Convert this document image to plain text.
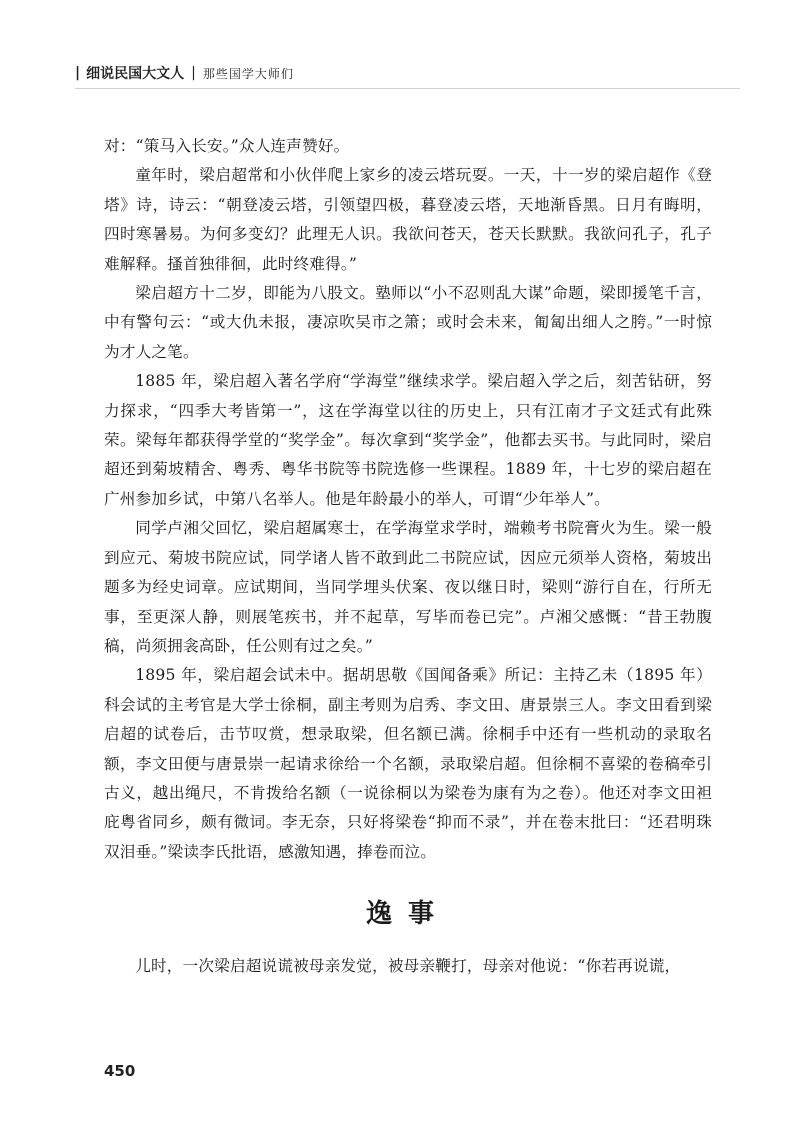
| 细说民国大文人 | 那些国学大师们

对：“策马入长安。”众人连声赞好。

童年时，梁启超常和小伙伴爬上家乡的凌云塔玩耍。一天，十一岁的梁启超作《登塔》诗，诗云：“朝登凌云塔，引领望四极，暮登凌云塔，天地渐昏黑。日月有晦明，四时寒暑易。为何多变幻？此理无人识。我欲问苍天，苍天长默默。我欲问孔子，孔子难解释。搔首独徘徊，此时终难得。”

梁启超方十二岁，即能为八股文。塾师以“小不忍则乱大谋”命题，梁即援笔千言，中有警句云：“或大仇未报，凄凉吹吴市之箫；或时会未来，匍匐出细人之胯。”一时惊为才人之笔。

1885 年，梁启超入著名学府“学海堂”继续求学。梁启超入学之后，刻苦钻研，努力探求，“四季大考皆第一”，这在学海堂以往的历史上，只有江南才子文廷式有此殊荣。梁每年都获得学堂的“奖学金”。每次拿到“奖学金”，他都去买书。与此同时，梁启超还到菊坡精舍、粤秀、粤华书院等书院选修一些课程。1889 年，十七岁的梁启超在广州参加乡试，中第八名举人。他是年龄最小的举人，可谓“少年举人”。

同学卢湘父回忆，梁启超属寒士，在学海堂求学时，端赖考书院膏火为生。梁一般到应元、菊坡书院应试，同学诸人皆不敢到此二书院应试，因应元须举人资格，菊坡出题多为经史词章。应试期间，当同学埋头伏案、夜以继日时，梁则“游行自在，行所无事，至更深人静，则展笔疾书，并不起草，写毕而卷已完”。卢湘父感慨：“昔王勃腹稿，尚须拥衾高卧，任公则有过之矣。”

1895 年，梁启超会试未中。据胡思敬《国闻备乘》所记：主持乙未（1895 年）科会试的主考官是大学士徐桐，副主考则为启秀、李文田、唐景崇三人。李文田看到梁启超的试卷后，击节叹赏，想录取梁，但名额已满。徐桐手中还有一些机动的录取名额，李文田便与唐景崇一起请求徐给一个名额，录取梁启超。但徐桐不喜梁的卷稿牵引古义，越出绳尺，不肯拨给名额（一说徐桐以为梁卷为康有为之卷）。他还对李文田袒庇粤省同乡，颇有微词。李无奈，只好将梁卷“抑而不录”，并在卷末批曰：“还君明珠双泪垂。”梁读李氏批语，感激知遇，捧卷而泣。

逸事

儿时，一次梁启超说谎被母亲发觉，被母亲鞭打，母亲对他说：“你若再说谎，

450
